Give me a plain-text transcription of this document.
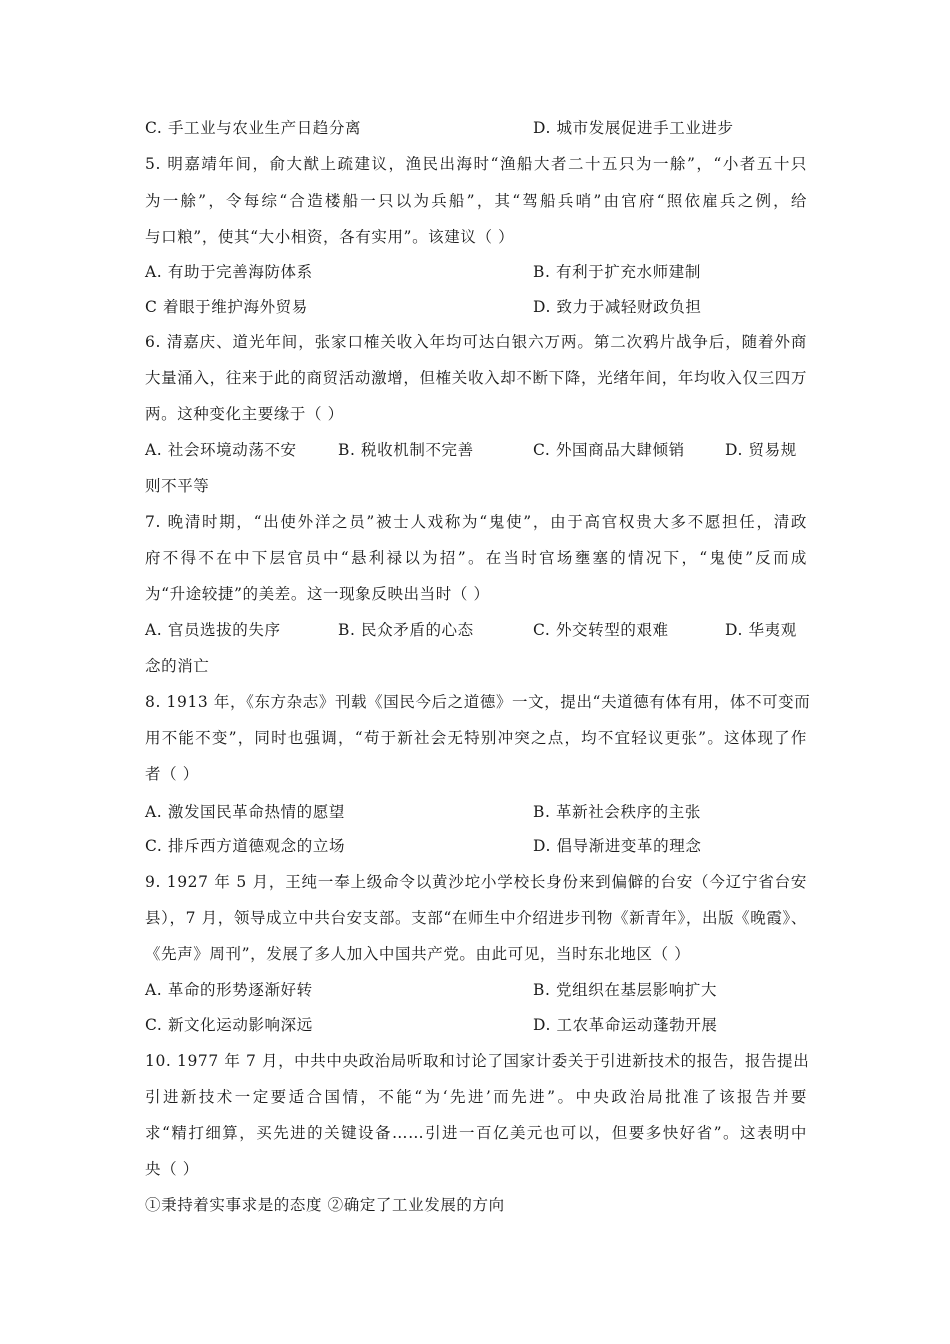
C. 手工业与农业生产日趋分离	D. 城市发展促进手工业进步
5. 明嘉靖年间，俞大猷上疏建议，渔民出海时“渔船大者二十五只为一艅”，“小者五十只
为一艅”，令每综“合造楼船一只以为兵船”，其“驾船兵哨”由官府“照依雇兵之例，给
与口粮”，使其“大小相资，各有实用”。该建议（ ）
A. 有助于完善海防体系	B. 有利于扩充水师建制
C 着眼于维护海外贸易	D. 致力于减轻财政负担
6. 清嘉庆、道光年间，张家口榷关收入年均可达白银六万两。第二次鸦片战争后，随着外商
大量涌入，往来于此的商贸活动激增，但榷关收入却不断下降，光绪年间，年均收入仅三四万
两。这种变化主要缘于（ ）
A. 社会环境动荡不安	B. 税收机制不完善	C. 外国商品大肆倾销	D. 贸易规
则不平等
7. 晚清时期，“出使外洋之员”被士人戏称为“鬼使”，由于高官权贵大多不愿担任，清政
府不得不在中下层官员中“悬利禄以为招”。在当时官场壅塞的情况下，“鬼使”反而成
为“升途较捷”的美差。这一现象反映出当时（ ）
A. 官员选拔的失序	B. 民众矛盾的心态	C. 外交转型的艰难	D. 华夷观
念的消亡
8. 1913 年，《东方杂志》刊载《国民今后之道德》一文，提出“夫道德有体有用，体不可变而
用不能不变”，同时也强调，“苟于新社会无特别冲突之点，均不宜轻议更张”。这体现了作
者（ ）
A. 激发国民革命热情的愿望	B. 革新社会秩序的主张
C. 排斥西方道德观念的立场	D. 倡导渐进变革的理念
9. 1927 年 5 月，王纯一奉上级命令以黄沙坨小学校长身份来到偏僻的台安（今辽宁省台安
县），7 月，领导成立中共台安支部。支部“在师生中介绍进步刊物《新青年》，出版《晚霞》、
《先声》周刊”，发展了多人加入中国共产党。由此可见，当时东北地区（ ）
A. 革命的形势逐渐好转	B. 党组织在基层影响扩大
C. 新文化运动影响深远	D. 工农革命运动蓬勃开展
10. 1977 年 7 月，中共中央政治局听取和讨论了国家计委关于引进新技术的报告，报告提出
引进新技术一定要适合国情，不能“为‘先进’而先进”。中央政治局批准了该报告并要
求“精打细算，买先进的关键设备……引进一百亿美元也可以，但要多快好省”。这表明中
央（ ）
①秉持着实事求是的态度 ②确定了工业发展的方向
